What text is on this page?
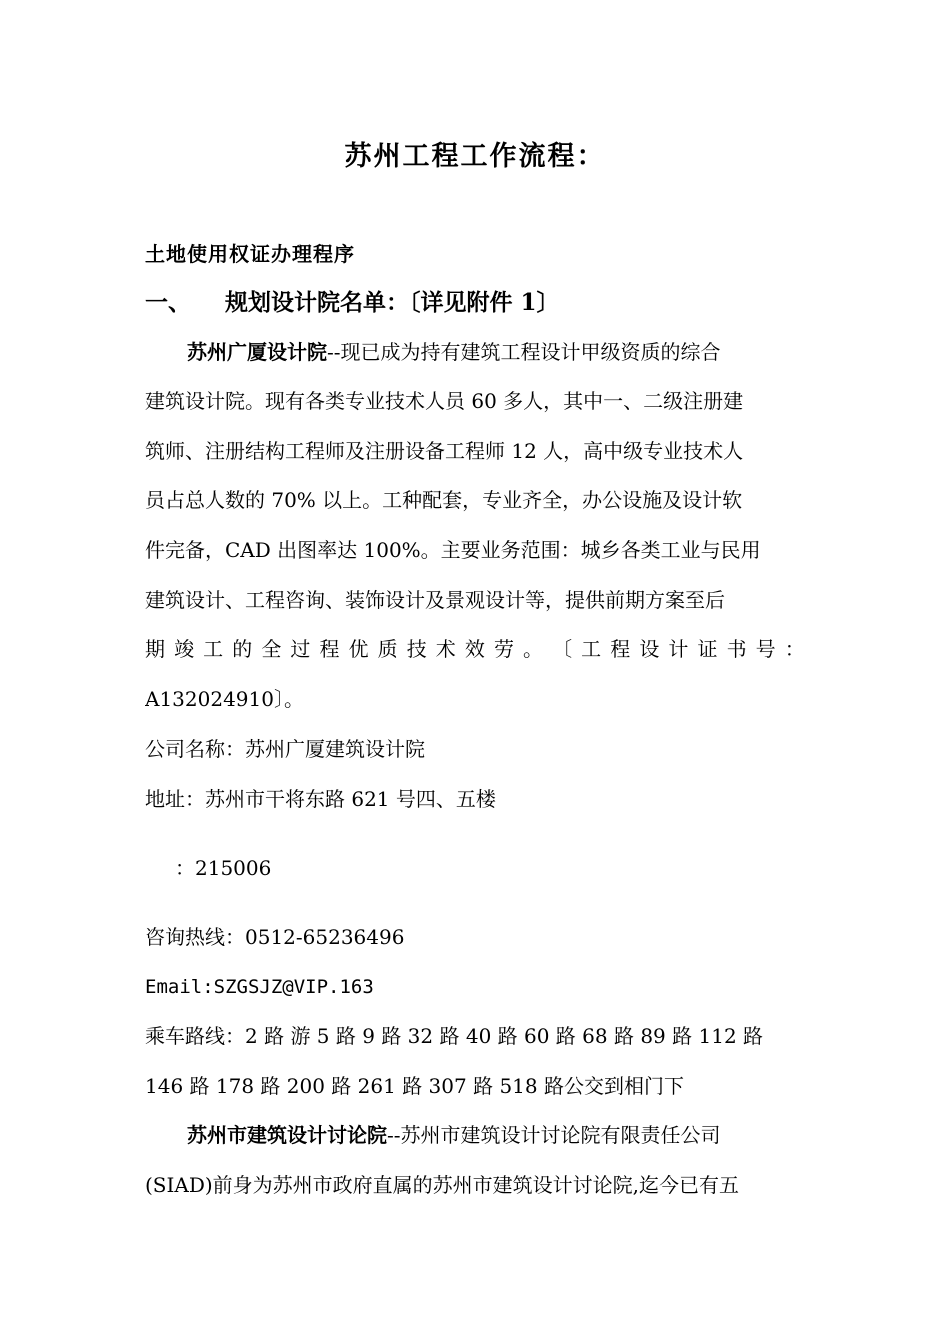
苏州工程工作流程：
土地使用权证办理程序
一、 规划设计院名单：〔详见附件 1〕
苏州广厦设计院--现已成为持有建筑工程设计甲级资质的综合
建筑设计院。现有各类专业技术人员 60 多人，其中一、二级注册建
筑师、注册结构工程师及注册设备工程师 12 人，高中级专业技术人
员占总人数的 70% 以上。工种配套，专业齐全，办公设施及设计软
件完备，CAD 出图率达 100%。主要业务范围：城乡各类工业与民用
建筑设计、工程咨询、装饰设计及景观设计等，提供前期方案至后
期 竣 工 的 全 过 程 优 质 技 术 效 劳 。 〔 工 程 设 计 证 书 号 ：
A132024910〕。
公司名称：苏州广厦建筑设计院
地址：苏州市干将东路 621 号四、五楼
：215006
咨询热线：0512-65236496
Email:SZGSJZ@VIP.163
乘车路线：2 路 游 5 路 9 路 32 路 40 路 60 路 68 路 89 路 112 路
146 路 178 路 200 路 261 路 307 路 518 路公交到相门下
苏州市建筑设计讨论院--苏州市建筑设计讨论院有限责任公司
(SIAD)前身为苏州市政府直属的苏州市建筑设计讨论院,迄今已有五
